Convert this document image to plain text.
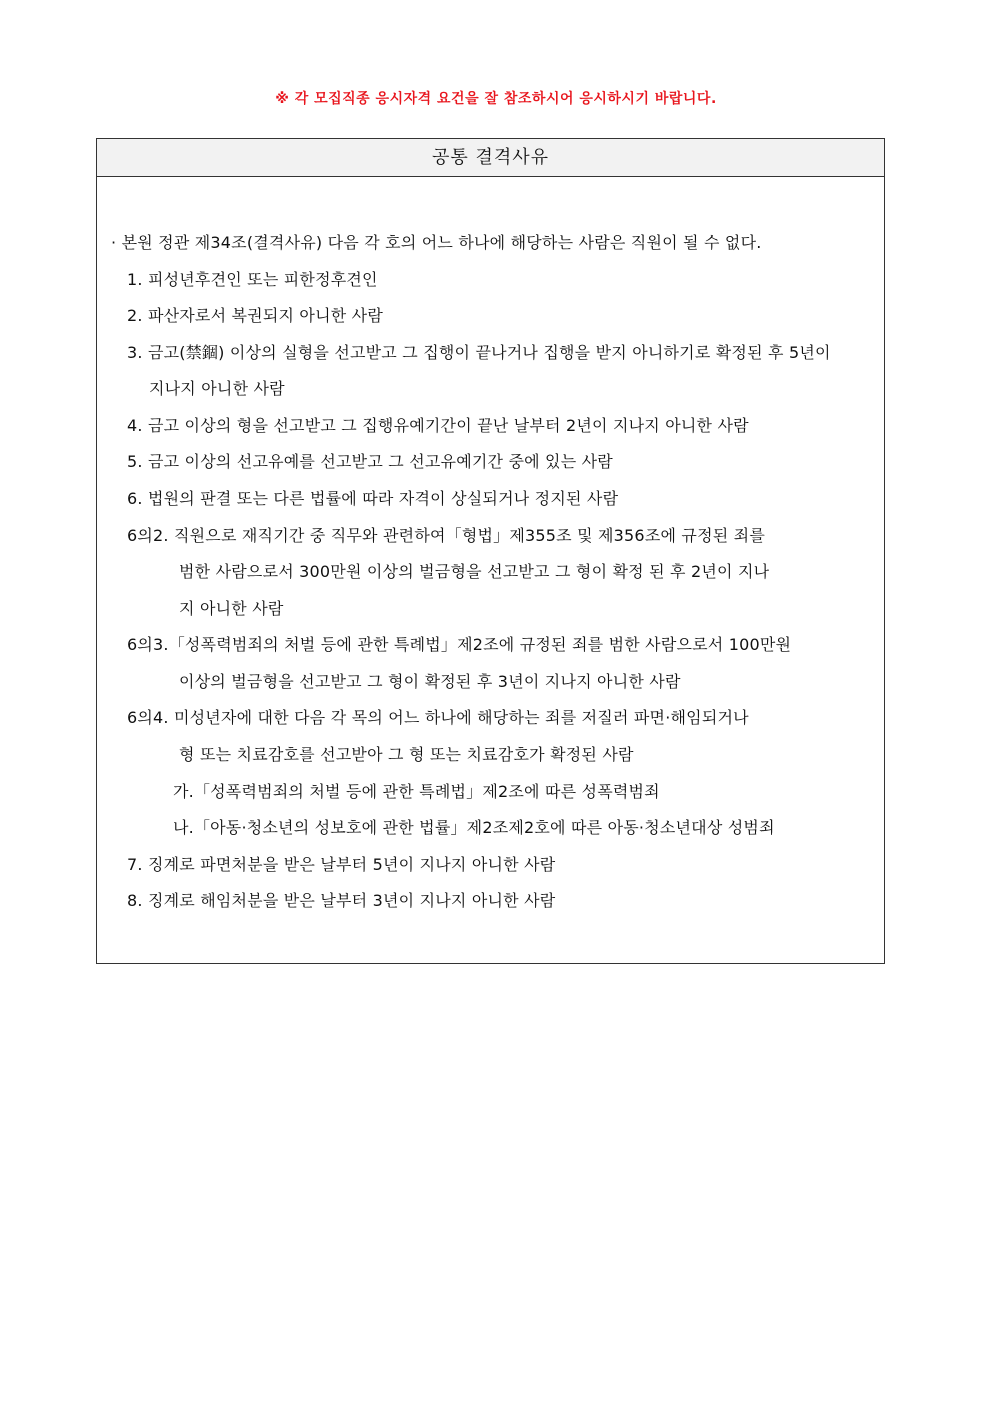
※ 각 모집직종 응시자격 요건을 잘 참조하시어 응시하시기 바랍니다.
공통 결격사유
· 본원 정관 제34조(결격사유) 다음 각 호의 어느 하나에 해당하는 사람은 직원이 될 수 없다.
1. 피성년후견인 또는 피한정후견인
2. 파산자로서 복권되지 아니한 사람
3. 금고(禁錮) 이상의 실형을 선고받고 그 집행이 끝나거나 집행을 받지 아니하기로 확정된 후 5년이
지나지 아니한 사람
4. 금고 이상의 형을 선고받고 그 집행유예기간이 끝난 날부터 2년이 지나지 아니한 사람
5. 금고 이상의 선고유예를 선고받고 그 선고유예기간 중에 있는 사람
6. 법원의 판결 또는 다른 법률에 따라 자격이 상실되거나 정지된 사람
6의2. 직원으로 재직기간 중 직무와 관련하여「형법」제355조 및 제356조에 규정된 죄를
범한 사람으로서 300만원 이상의 벌금형을 선고받고 그 형이 확정 된 후 2년이 지나
지 아니한 사람
6의3.「성폭력범죄의 처벌 등에 관한 특례법」제2조에 규정된 죄를 범한 사람으로서 100만원
이상의 벌금형을 선고받고 그 형이 확정된 후 3년이 지나지 아니한 사람
6의4. 미성년자에 대한 다음 각 목의 어느 하나에 해당하는 죄를 저질러 파면·해임되거나
형 또는 치료감호를 선고받아 그 형 또는 치료감호가 확정된 사람
가.「성폭력범죄의 처벌 등에 관한 특례법」제2조에 따른 성폭력범죄
나.「아동·청소년의 성보호에 관한 법률」제2조제2호에 따른 아동·청소년대상 성범죄
7. 징계로 파면처분을 받은 날부터 5년이 지나지 아니한 사람
8. 징계로 해임처분을 받은 날부터 3년이 지나지 아니한 사람
